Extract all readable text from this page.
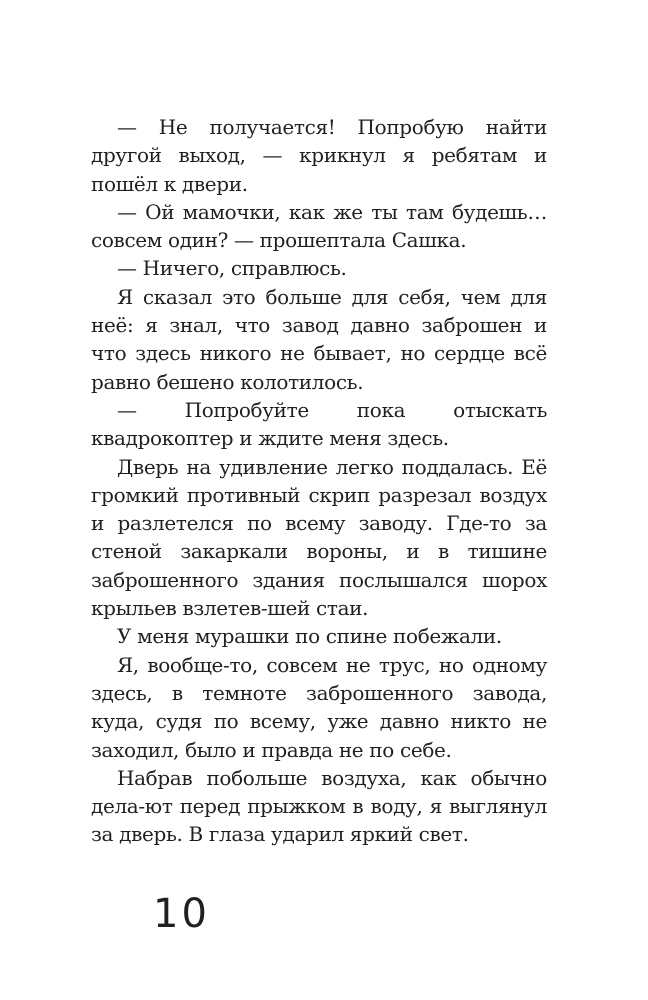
— Не получается! Попробую найти другой выход, — крикнул я ребятам и пошёл к двери.

— Ой мамочки, как же ты там будешь… совсем один? — прошептала Сашка.

— Ничего, справлюсь.

Я сказал это больше для себя, чем для неё: я знал, что завод давно заброшен и что здесь никого не бывает, но сердце всё равно бешено колотилось.

— Попробуйте пока отыскать квадрокоптер и ждите меня здесь.

Дверь на удивление легко поддалась. Её громкий противный скрип разрезал воздух и разлетелся по всему заводу. Где-то за стеной закаркали вороны, и в тишине заброшенного здания послышался шорох крыльев взлетев-шей стаи.

У меня мурашки по спине побежали.

Я, вообще-то, совсем не трус, но одному здесь, в темноте заброшенного завода, куда, судя по всему, уже давно никто не заходил, было и правда не по себе.

Набрав побольше воздуха, как обычно дела-ют перед прыжком в воду, я выглянул за дверь. В глаза ударил яркий свет.

10
